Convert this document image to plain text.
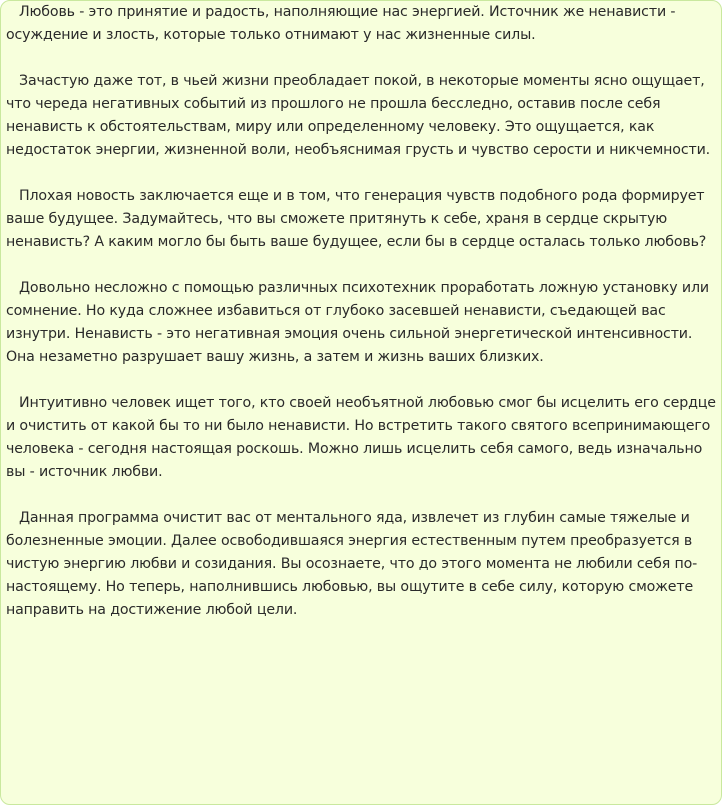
Любовь - это принятие и радость, наполняющие нас энергией. Источник же ненависти - осуждение и злость, которые только отнимают у нас жизненные силы.

Зачастую даже тот, в чьей жизни преобладает покой, в некоторые моменты ясно ощущает, что череда негативных событий из прошлого не прошла бесследно, оставив после себя ненависть к обстоятельствам, миру или определенному человеку. Это ощущается, как недостаток энергии, жизненной воли, необъяснимая грусть и чувство серости и никчемности.

Плохая новость заключается еще и в том, что генерация чувств подобного рода формирует ваше будущее. Задумайтесь, что вы сможете притянуть к себе, храня в сердце скрытую ненависть? А каким могло бы быть ваше будущее, если бы в сердце осталась только любовь?

Довольно несложно с помощью различных психотехник проработать ложную установку или сомнение. Но куда сложнее избавиться от глубоко засевшей ненависти, съедающей вас изнутри. Ненависть - это негативная эмоция очень сильной энергетической интенсивности. Она незаметно разрушает вашу жизнь, а затем и жизнь ваших близких.

Интуитивно человек ищет того, кто своей необъятной любовью смог бы исцелить его сердце и очистить от какой бы то ни было ненависти. Но встретить такого святого всепринимающего человека - сегодня настоящая роскошь. Можно лишь исцелить себя самого, ведь изначально вы - источник любви.

Данная программа очистит вас от ментального яда, извлечет из глубин самые тяжелые и болезненные эмоции. Далее освободившаяся энергия естественным путем преобразуется в чистую энергию любви и созидания. Вы осознаете, что до этого момента не любили себя по-настоящему. Но теперь, наполнившись любовью, вы ощутите в себе силу, которую сможете направить на достижение любой цели.
